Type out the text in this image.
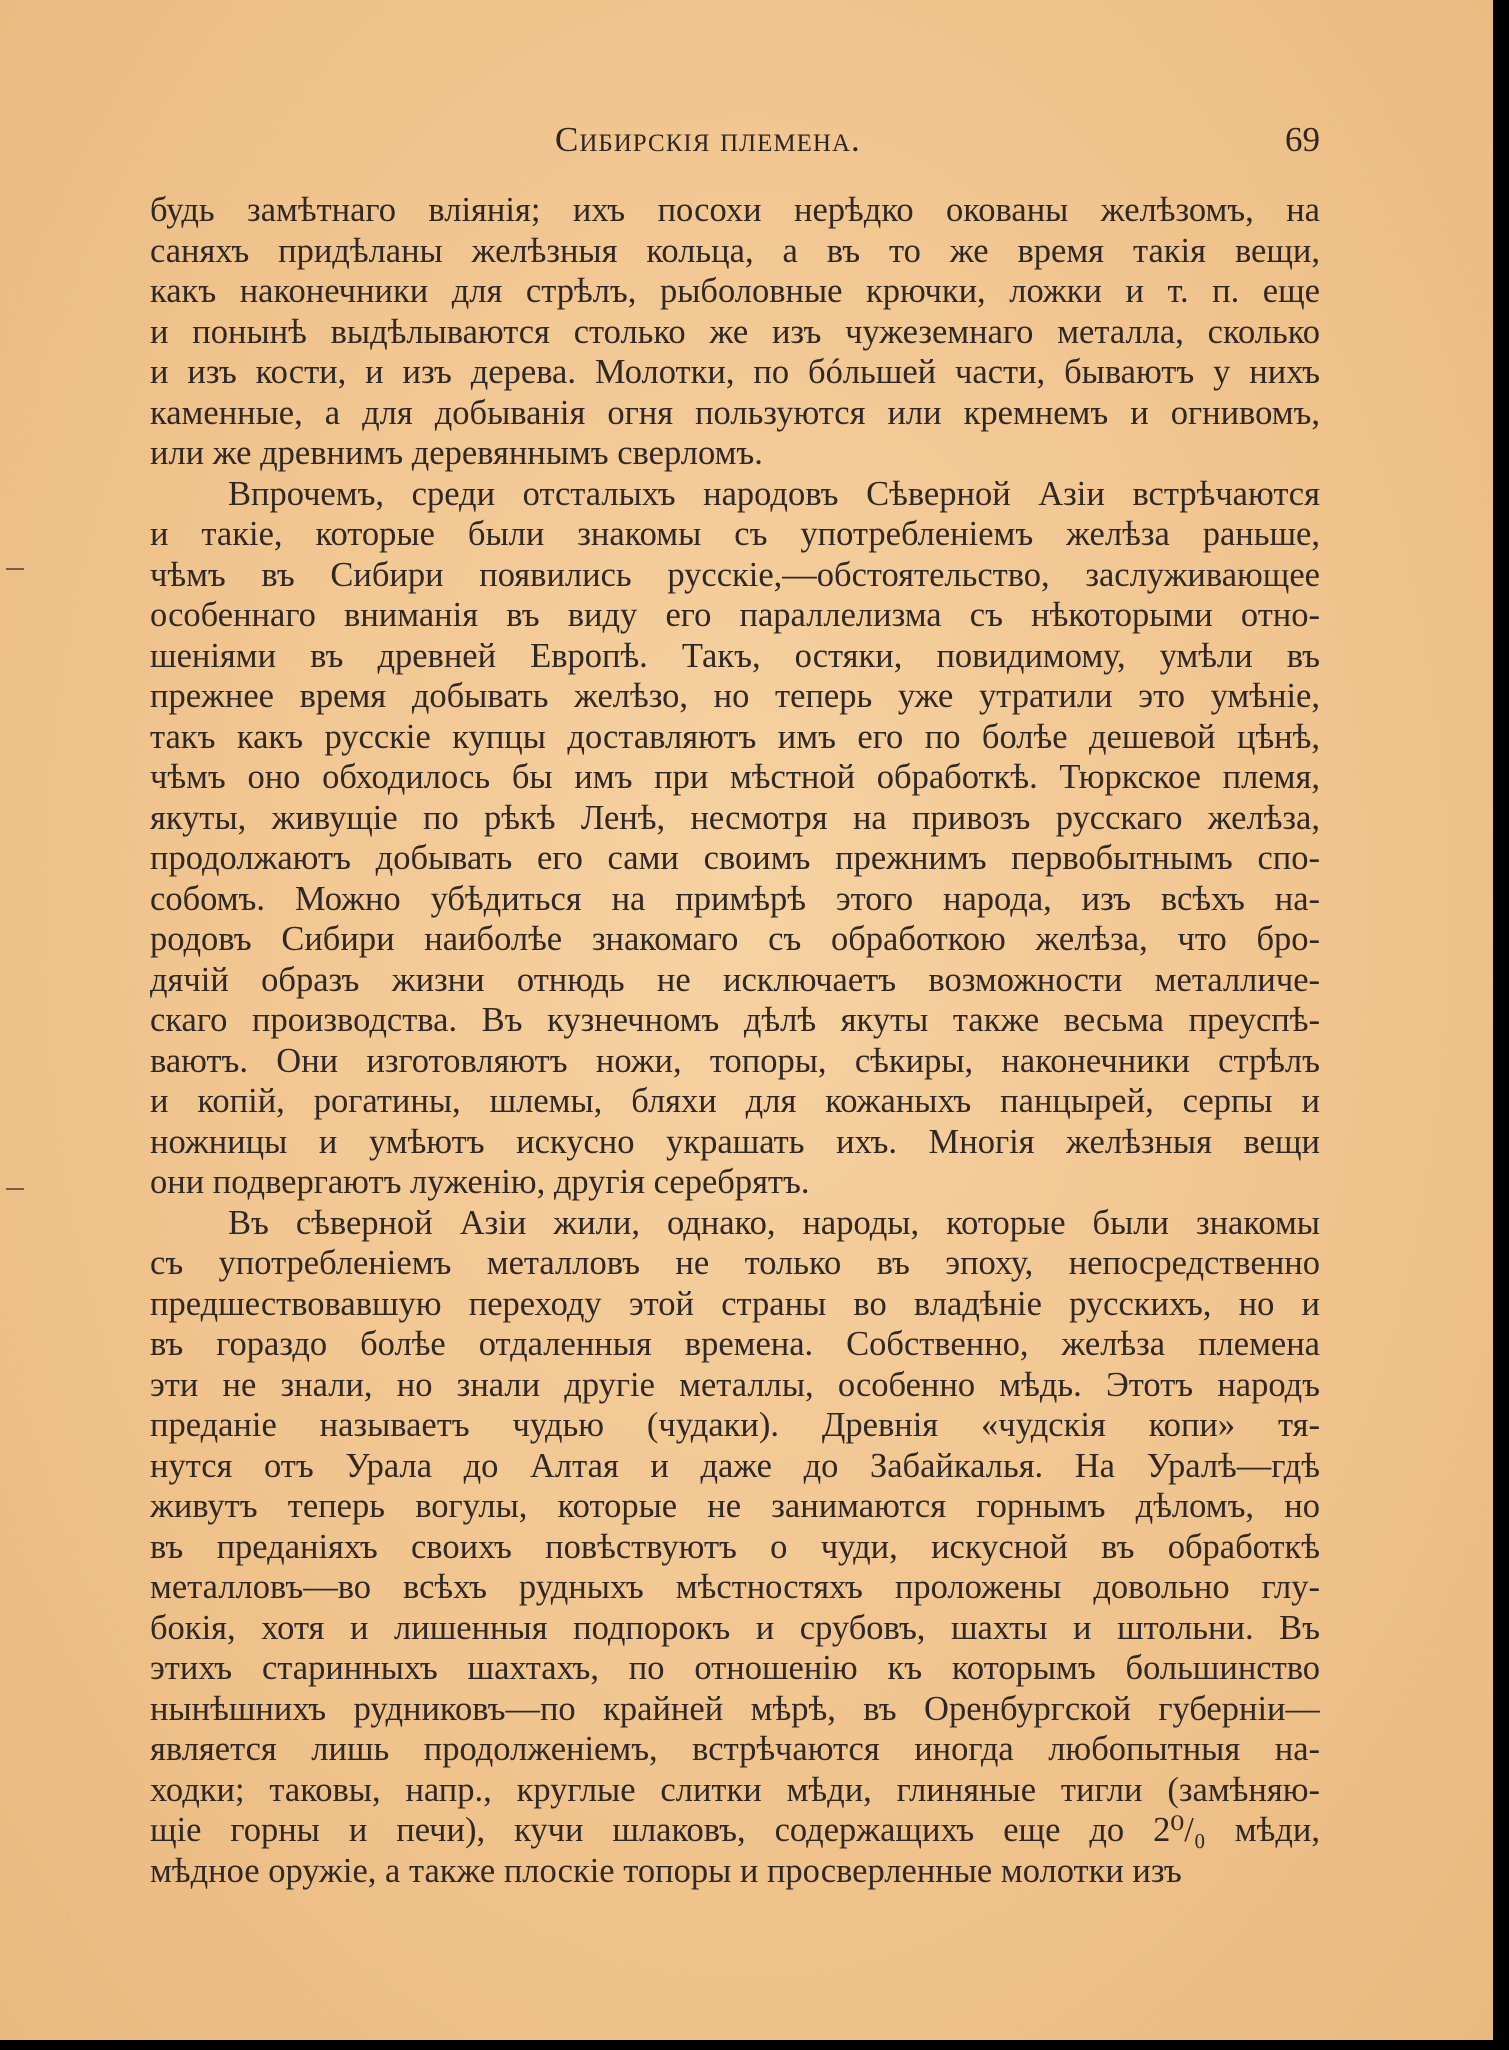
Сибирскія племена.	69
будь замѣтнаго вліянія; ихъ посохи нерѣдко окованы желѣзомъ, на
саняхъ придѣланы желѣзныя кольца, а въ то же время такія вещи,
какъ наконечники для стрѣлъ, рыболовные крючки, ложки и т. п. еще
и понынѣ выдѣлываются столько же изъ чужеземнаго металла, сколько
и изъ кости, и изъ дерева. Молотки, по бóльшей части, бываютъ у нихъ
каменные, а для добыванія огня пользуются или кремнемъ и огнивомъ,
или же древнимъ деревяннымъ сверломъ.
Впрочемъ, среди отсталыхъ народовъ Сѣверной Азіи встрѣчаются
и такіе, которые были знакомы съ употребленіемъ желѣза раньше,
чѣмъ въ Сибири появились русскіе,—обстоятельство, заслуживающее
особеннаго вниманія въ виду его параллелизма съ нѣкоторыми отно-
шеніями въ древней Европѣ. Такъ, остяки, повидимому, умѣли въ
прежнее время добывать желѣзо, но теперь уже утратили это умѣніе,
такъ какъ русскіе купцы доставляютъ имъ его по болѣе дешевой цѣнѣ,
чѣмъ оно обходилось бы имъ при мѣстной обработкѣ. Тюркское племя,
якуты, живущіе по рѣкѣ Ленѣ, несмотря на привозъ русскаго желѣза,
продолжаютъ добывать его сами своимъ прежнимъ первобытнымъ спо-
собомъ. Можно убѣдиться на примѣрѣ этого народа, изъ всѣхъ на-
родовъ Сибири наиболѣе знакомаго съ обработкою желѣза, что бро-
дячій образъ жизни отнюдь не исключаетъ возможности металличе-
скаго производства. Въ кузнечномъ дѣлѣ якуты также весьма преуспѣ-
ваютъ. Они изготовляютъ ножи, топоры, сѣкиры, наконечники стрѣлъ
и копій, рогатины, шлемы, бляхи для кожаныхъ панцырей, серпы и
ножницы и умѣютъ искусно украшать ихъ. Многія желѣзныя вещи
они подвергаютъ луженію, другія серебрятъ.
Въ сѣверной Азіи жили, однако, народы, которые были знакомы
съ употребленіемъ металловъ не только въ эпоху, непосредственно
предшествовавшую переходу этой страны во владѣніе русскихъ, но и
въ гораздо болѣе отдаленныя времена. Собственно, желѣза племена
эти не знали, но знали другіе металлы, особенно мѣдь. Этотъ народъ
преданіе называетъ чудью (чудаки). Древнія «чудскія копи» тя-
нутся отъ Урала до Алтая и даже до Забайкалья. На Уралѣ—гдѣ
живутъ теперь вогулы, которые не занимаются горнымъ дѣломъ, но
въ преданіяхъ своихъ повѣствуютъ о чуди, искусной въ обработкѣ
металловъ—во всѣхъ рудныхъ мѣстностяхъ проложены довольно глу-
бокія, хотя и лишенныя подпорокъ и срубовъ, шахты и штольни. Въ
этихъ старинныхъ шахтахъ, по отношенію къ которымъ большинство
нынѣшнихъ рудниковъ—по крайней мѣрѣ, въ Оренбургской губерніи—
является лишь продолженіемъ, встрѣчаются иногда любопытныя на-
ходки; таковы, напр., круглые слитки мѣди, глиняные тигли (замѣняю-
щіе горны и печи), кучи шлаковъ, содержащихъ еще до 2⁰/₀ мѣди,
мѣдное оружіе, а также плоскіе топоры и просверленные молотки изъ
